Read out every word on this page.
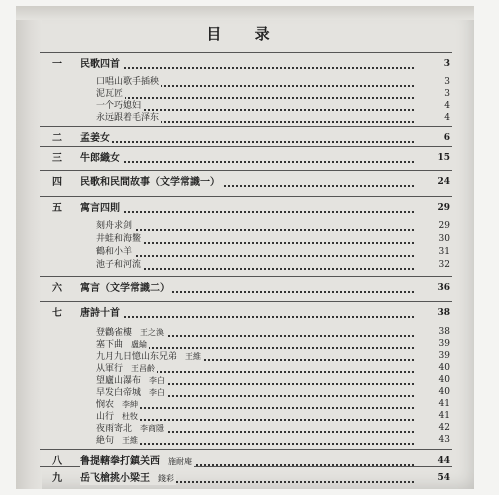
目 录
一	民歌四首	3
口唱山歌手插秧	3
泥瓦匠	3
一个巧媳妇	4
永远跟着毛泽东	4
二	孟姜女	6
三	牛郎織女	15
四	民歌和民間故事（文学常識一）	24
五	寓言四則	29
刻舟求剑	29
井蛙和海鳖	30
鶴和小羊	31
池子和河流	32
六	寓言（文学常識二）	36
七	唐詩十首	38
登鸛雀樓 王之渙	38
塞下曲 盧綸	39
九月九日憶山东兄弟 王維	39
从軍行 王昌齡	40
望廬山瀑布 李白	40
早发白帝城 李白	40
悯农 李紳	41
山行 杜牧	41
夜雨寄北 李商隱	42
絶句 王維	43
八	鲁提轄拳打鎮关西 施耐庵	44
九	岳飞槍挑小梁王 錢彩	54
